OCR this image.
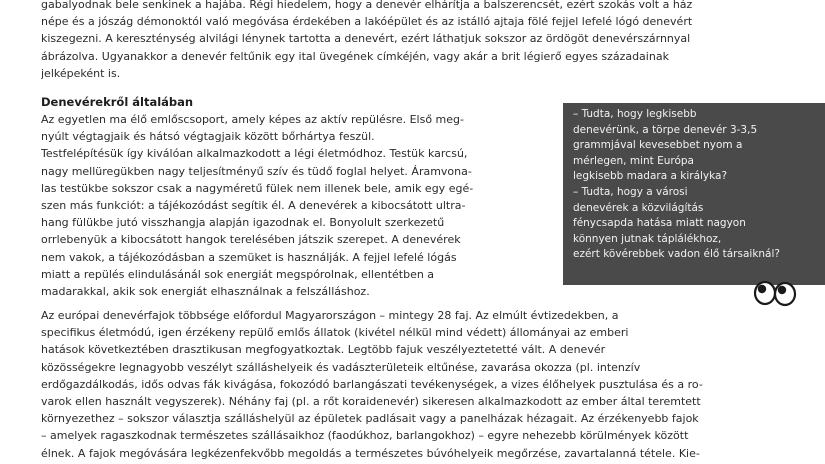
gabalyodnak bele senkinek a hajába. Régi hiedelem, hogy a denevér elhárítja a balszerencsét, ezért szokás volt a ház
népe és a jószág démonoktól való megóvása érdekében a lakóépület és az istálló ajtaja fölé fejjel lefelé lógó denevért
kiszegezni. A kereszténység alvilági lénynek tartotta a denevért, ezért láthatjuk sokszor az ördögöt denevérszárnnyal
ábrázolva. Ugyanakkor a denevér feltűnik egy ital üvegének címkéjén, vagy akár a brit légierő egyes századainak
jelképeként is.
Denevérekről általában
Az egyetlen ma élő emlőscsoport, amely képes az aktív repülésre. Első meg-
nyúlt végtagjaik és hátsó végtagjaik között bőrhártya feszül.
Testfelépítésük így kiválóan alkalmazkodott a légi életmódhoz. Testük karcsú,
nagy mellüregükben nagy teljesítményű szív és tüdő foglal helyet. Áramvona-
las testükbe sokszor csak a nagyméretű fülek nem illenek bele, amik egy egé-
szen más funkciót: a tájékozódást segítik él. A denevérek a kibocsátott ultra-
hang fülükbe jutó visszhangja alapján igazodnak el. Bonyolult szerkezetű
orrlebenyük a kibocsátott hangok terelésében játszik szerepet. A denevérek
nem vakok, a tájékozódásban a szemüket is használják. A fejjel lefelé lógás
miatt a repülés elindulásánál sok energiát megspórolnak, ellentétben a
madarakkal, akik sok energiát elhasználnak a felszálláshoz.
– Tudta, hogy legkisebb
denevérünk, a törpe denevér 3-3,5
grammjával kevesebbet nyom a
mérlegen, mint Európa
legkisebb madara a királyka?
– Tudta, hogy a városi
denevérek a közvilágítás
fénycsapda hatása miatt nagyon
könnyen jutnak táplálékhoz,
ezért kövérebbek vadon élő társaiknál?
Az európai denevérfajok többsége előfordul Magyarországon – mintegy 28 faj. Az elmúlt évtizedekben, a
specifikus életmódú, igen érzékeny repülő emlős állatok (kivétel nélkül mind védett) állományai az emberi
hatások következtében drasztikusan megfogyatkoztak. Legtöbb fajuk veszélyeztetetté vált. A denevér
közösségekre legnagyobb veszélyt szálláshelyeik és vadászterületeik eltűnése, zavarása okozza (pl. intenzív
erdőgazdálkodás, idős odvas fák kivágása, fokozódó barlangászati tevékenységek, a vizes élőhelyek pusztulása és a ro-
varok ellen használt vegyszerek). Néhány faj (pl. a rőt koraidenevér) sikeresen alkalmazkodott az ember által teremtett
környezethez – sokszor választja szálláshelyül az épületek padlásait vagy a panelházak hézagait. Az érzékenyebb fajok
– amelyek ragaszkodnak természetes szállásaikhoz (faodúkhoz, barlangokhoz) – egyre nehezebb körülmények között
élnek. A fajok megóvására legkézenfekvőbb megoldás a természetes búvóhelyeik megőrzése, zavartalanná tétele. Kie-
